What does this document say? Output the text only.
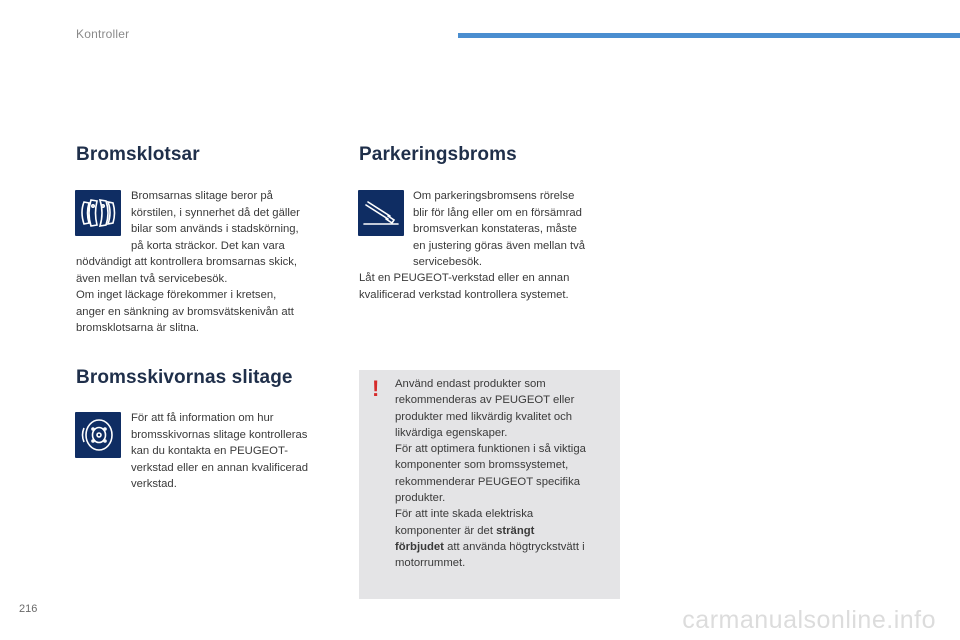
Kontroller
Bromsklotsar

Bromsarnas slitage beror på
körstilen, i synnerhet då det gäller
bilar som används i stadskörning,
på korta sträckor. Det kan vara

nödvändigt att kontrollera bromsarnas skick,
även mellan två servicebesök.
Om inget läckage förekommer i kretsen,
anger en sänkning av bromsvätskenivån att
bromsklotsarna är slitna.

Bromsskivornas slitage

För att få information om hur
bromsskivornas slitage kontrolleras
kan du kontakta en PEUGEOT-
verkstad eller en annan kvalificerad
verkstad.

Parkeringsbroms

Om parkeringsbromsens rörelse
blir för lång eller om en försämrad
bromsverkan konstateras, måste
en justering göras även mellan två
servicebesök.

Låt en PEUGEOT-verkstad eller en annan
kvalificerad verkstad kontrollera systemet.

! Använd endast produkter som
rekommenderas av PEUGEOT eller
produkter med likvärdig kvalitet och
likvärdiga egenskaper.
För att optimera funktionen i så viktiga
komponenter som bromssystemet,
rekommenderar PEUGEOT specifika
produkter.
För att inte skada elektriska
komponenter är det strängt
förbjudet att använda högtryckstvätt i
motorrummet.

216	carmanualsonline.info
